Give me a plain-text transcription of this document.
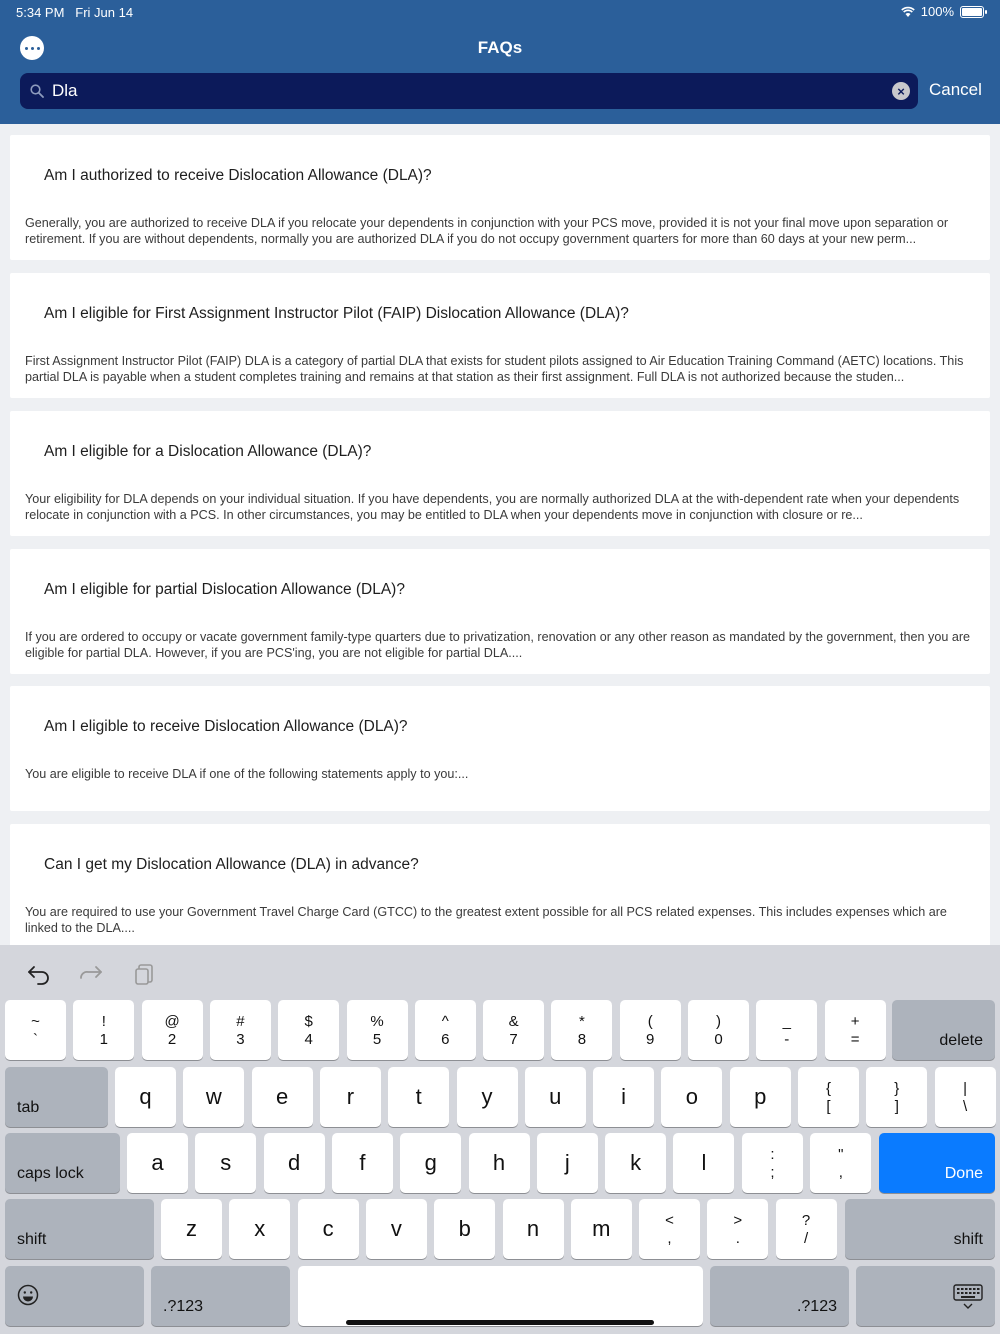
5:34 PM Fri Jun 14	100%
FAQs
Dla
×	Cancel
Am I authorized to receive Dislocation Allowance (DLA)?
Generally, you are authorized to receive DLA if you relocate your dependents in conjunction with your PCS move, provided it is not your final move upon separation or retirement. If you are without dependents, normally you are authorized DLA if you do not occupy government quarters for more than 60 days at your new perm...
Am I eligible for First Assignment Instructor Pilot (FAIP) Dislocation Allowance (DLA)?
First Assignment Instructor Pilot (FAIP) DLA is a category of partial DLA that exists for student pilots assigned to Air Education Training Command (AETC) locations. This partial DLA is payable when a student completes training and remains at that station as their first assignment. Full DLA is not authorized because the studen...
Am I eligible for a Dislocation Allowance (DLA)?
Your eligibility for DLA depends on your individual situation. If you have dependents, you are normally authorized DLA at the with-dependent rate when your dependents relocate in conjunction with a PCS. In other circumstances, you may be entitled to DLA when your dependents move in conjunction with closure or re...
Am I eligible for partial Dislocation Allowance (DLA)?
If you are ordered to occupy or vacate government family-type quarters due to privatization, renovation or any other reason as mandated by the government, then you are eligible for partial DLA. However, if you are PCS'ing, you are not eligible for partial DLA....
Am I eligible to receive Dislocation Allowance (DLA)?
You are eligible to receive DLA if one of the following statements apply to you:...
Can I get my Dislocation Allowance (DLA) in advance?
You are required to use your Government Travel Charge Card (GTCC) to the greatest extent possible for all PCS related expenses. This includes expenses which are linked to the DLA....
~
`
!
1
@
2
#
3
$
4
%
5
^
6
&
7
*
8
(
9
)
0
_
-
+
=	delete
tab	q w e	r	t	y	u	i	o	p	{
[
}
]
|
\
caps lock	a	s	d	f	g	h	j	k	l	:
;
"
,	Done
shift	z	x	c	v	b	n m	<
,
>
.
?
/	shift
.?123	.?123
